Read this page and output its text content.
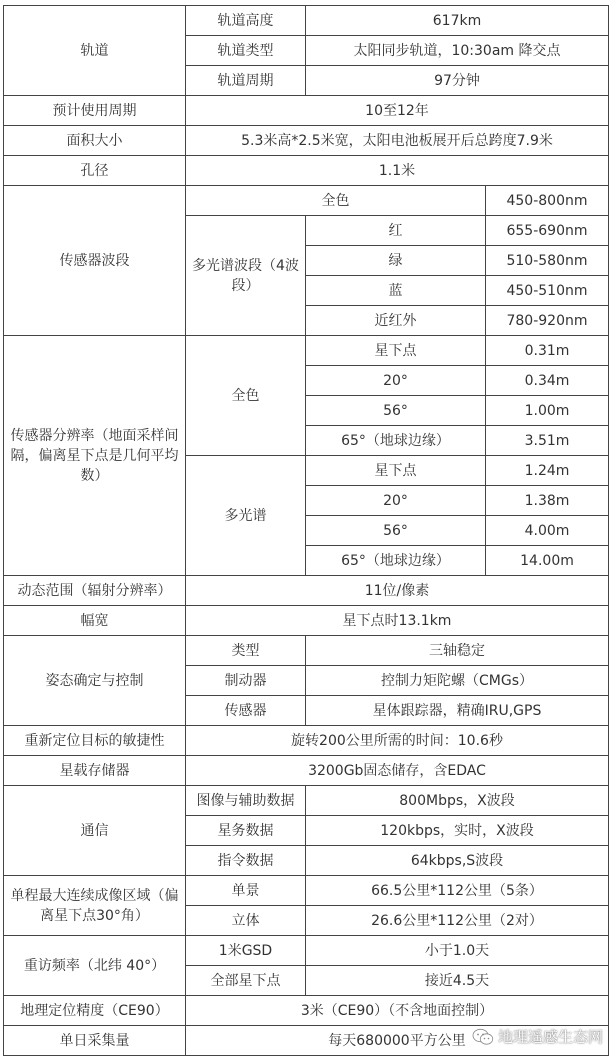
轨道	轨道高度	617km	
	轨道类型	太阳同步轨道，10:30am 降交点	
	轨道周期	97分钟	
预计使用周期	10至12年		
面积大小	5.3米高*2.5米宽，太阳电池板展开后总跨度7.9米		
孔径	1.1米		
传感器波段	全色		450-800nm
	多光谱波段（4波段）	红	655-690nm
		绿	510-580nm
		蓝	450-510nm
		近红外	780-920nm
传感器分辨率（地面采样间隔，偏离星下点是几何平均数）	全色	星下点	0.31m
		20°	0.34m
		56°	1.00m
		65°（地球边缘）	3.51m
	多光谱	星下点	1.24m
		20°	1.38m
		56°	4.00m
		65°（地球边缘）	14.00m
动态范围（辐射分辨率）	11位/像素		
幅宽	星下点时13.1km		
姿态确定与控制	类型	三轴稳定	
	制动器	控制力矩陀螺（CMGs）	
	传感器	星体跟踪器，精确IRU,GPS	
重新定位目标的敏捷性	旋转200公里所需的时间：10.6秒		
星载存储器	3200Gb固态储存，含EDAC		
通信	图像与辅助数据	800Mbps，X波段	
	星务数据	120kbps，实时，X波段	
	指令数据	64kbps,S波段	
单程最大连续成像区域（偏离星下点30°角）	单景	66.5公里*112公里（5条）	
	立体	26.6公里*112公里（2对）	
重访频率（北纬 40°）	1米GSD	小于1.0天	
	全部星下点	接近4.5天	
地理定位精度（CE90）	3米（CE90）（不含地面控制）		
单日采集量	每天680000平方公里		地理遥感生态网
